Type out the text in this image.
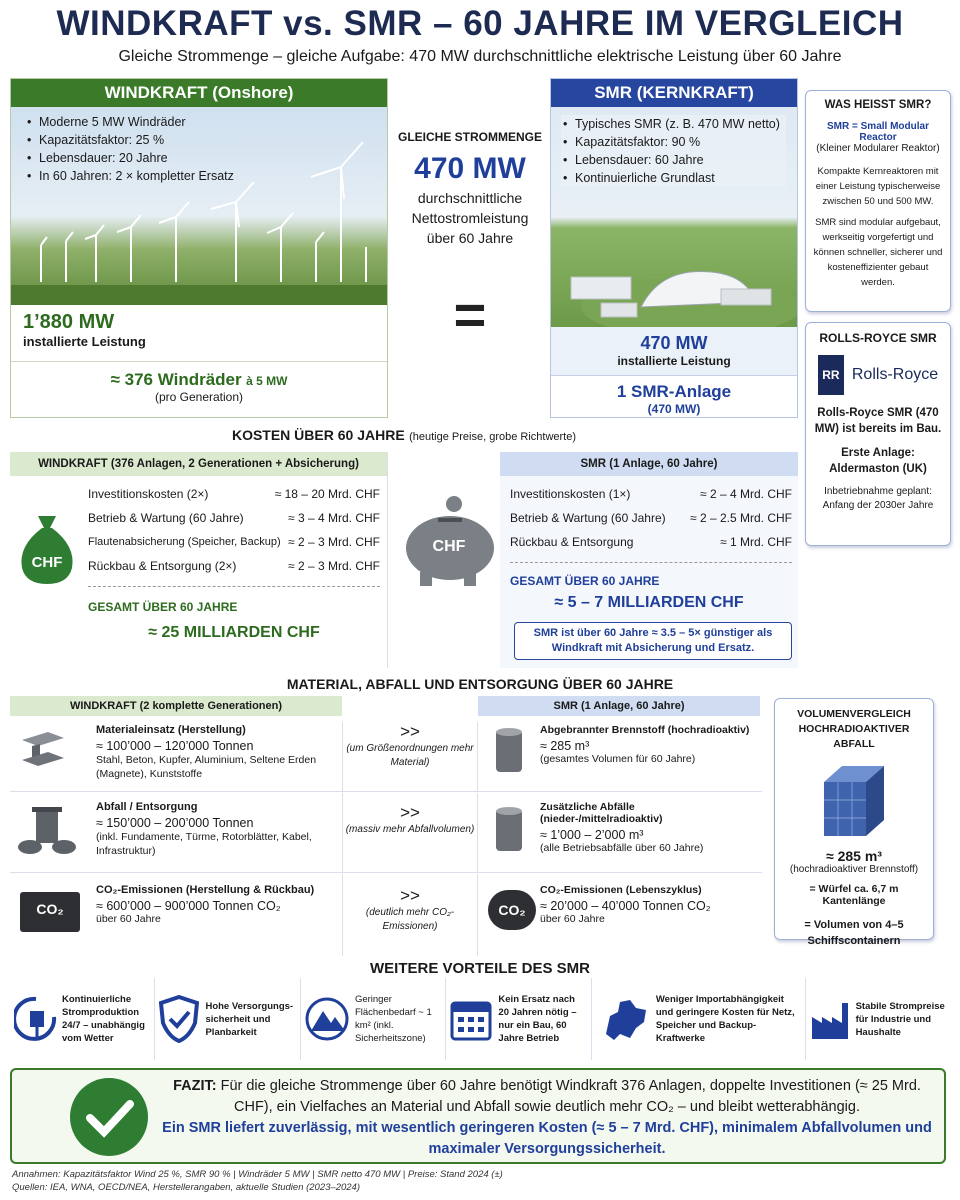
WINDKRAFT vs. SMR – 60 JAHRE IM VERGLEICH
Gleiche Strommenge – gleiche Aufgabe: 470 MW durchschnittliche elektrische Leistung über 60 Jahre
WINDKRAFT (Onshore)
• Moderne 5 MW Windräder
• Kapazitätsfaktor: 25 %
• Lebensdauer: 20 Jahre
• In 60 Jahren: 2 × kompletter Ersatz
1’880 MW
installierte Leistung
≈ 376 Windräder à 5 MW
(pro Generation)
GLEICHE STROMMENGE
470 MW
durchschnittliche Nettostromleistung über 60 Jahre
=
SMR (KERNKRAFT)
• Typisches SMR (z. B. 470 MW netto)
• Kapazitätsfaktor: 90 %
• Lebensdauer: 60 Jahre
• Kontinuierliche Grundlast
470 MW
installierte Leistung
1 SMR-Anlage
(470 MW)
WAS HEISST SMR?
SMR = Small Modular Reactor
(Kleiner Modularer Reaktor)
Kompakte Kernreaktoren mit einer Leistung typischerweise zwischen 50 und 500 MW.
SMR sind modular aufgebaut, werkseitig vorgefertigt und können schneller, sicherer und kosteneffizienter gebaut werden.
ROLLS-ROYCE SMR
RR Rolls-Royce
Rolls-Royce SMR (470 MW) ist bereits im Bau.
Erste Anlage: Aldermaston (UK)
Inbetriebnahme geplant: Anfang der 2030er Jahre
KOSTEN ÜBER 60 JAHRE (heutige Preise, grobe Richtwerte)
WINDKRAFT (376 Anlagen, 2 Generationen + Absicherung)
CHF
Investitionskosten (2×)	≈ 18 – 20 Mrd. CHF
Betrieb & Wartung (60 Jahre)	≈ 3 – 4 Mrd. CHF
Flautenabsicherung (Speicher, Backup) ≈ 2 – 3 Mrd. CHF
Rückbau & Entsorgung (2×)	≈ 2 – 3 Mrd. CHF
GESAMT ÜBER 60 JAHRE
≈ 25 MILLIARDEN CHF
CHF
SMR (1 Anlage, 60 Jahre)
Investitionskosten (1×)	≈ 2 – 4 Mrd. CHF
Betrieb & Wartung (60 Jahre) ≈ 2 – 2.5 Mrd. CHF
Rückbau & Entsorgung	≈ 1 Mrd. CHF
GESAMT ÜBER 60 JAHRE
≈ 5 – 7 MILLIARDEN CHF
SMR ist über 60 Jahre ≈ 3.5 – 5× günstiger als Windkraft mit Absicherung und Ersatz.
MATERIAL, ABFALL UND ENTSORGUNG ÜBER 60 JAHRE
WINDKRAFT (2 komplette Generationen)	SMR (1 Anlage, 60 Jahre)
Materialeinsatz (Herstellung)
≈ 100’000 – 120’000 Tonnen
Stahl, Beton, Kupfer, Aluminium, Seltene Erden (Magnete), Kunststoffe
>>
(um Größenordnungen mehr Material)
Abgebrannter Brennstoff (hochradioaktiv)
≈ 285 m³
(gesamtes Volumen für 60 Jahre)
Abfall / Entsorgung
≈ 150’000 – 200’000 Tonnen
(inkl. Fundamente, Türme, Rotorblätter, Kabel, Infrastruktur)
>>
(massiv mehr Abfallvolumen)
Zusätzliche Abfälle (nieder-/mittelradioaktiv)
≈ 1’000 – 2’000 m³
(alle Betriebsabfälle über 60 Jahre)
CO₂
CO₂-Emissionen (Herstellung & Rückbau)
≈ 600’000 – 900’000 Tonnen CO₂
über 60 Jahre
>>
(deutlich mehr CO₂-Emissionen)
CO₂
CO₂-Emissionen (Lebenszyklus)
≈ 20’000 – 40’000 Tonnen CO₂
über 60 Jahre
VOLUMENVERGLEICH HOCHRADIOAKTIVER ABFALL
≈ 285 m³
(hochradioaktiver Brennstoff)
= Würfel ca. 6,7 m Kantenlänge
= Volumen von 4–5 Schiffscontainern
WEITERE VORTEILE DES SMR
Kontinuierliche Stromproduktion 24/7 – unabhängig vom Wetter
Hohe Versorgungs-sicherheit und Planbarkeit
Geringer Flächenbedarf ~ 1 km² (inkl. Sicherheitszone)
Kein Ersatz nach 20 Jahren nötig – nur ein Bau, 60 Jahre Betrieb
Weniger Importabhängigkeit und geringere Kosten für Netz, Speicher und Backup-Kraftwerke
Stabile Strompreise für Industrie und Haushalte
FAZIT: Für die gleiche Strommenge über 60 Jahre benötigt Windkraft 376 Anlagen, doppelte Investitionen (≈ 25 Mrd. CHF), ein Vielfaches an Material und Abfall sowie deutlich mehr CO₂ – und bleibt wetterabhängig.
Ein SMR liefert zuverlässig, mit wesentlich geringeren Kosten (≈ 5 – 7 Mrd. CHF), minimalem Abfallvolumen und maximaler Versorgungssicherheit.
Annahmen: Kapazitätsfaktor Wind 25 %, SMR 90 % | Windräder 5 MW | SMR netto 470 MW | Preise: Stand 2024 (±)
Quellen: IEA, WNA, OECD/NEA, Herstellerangaben, aktuelle Studien (2023–2024)
